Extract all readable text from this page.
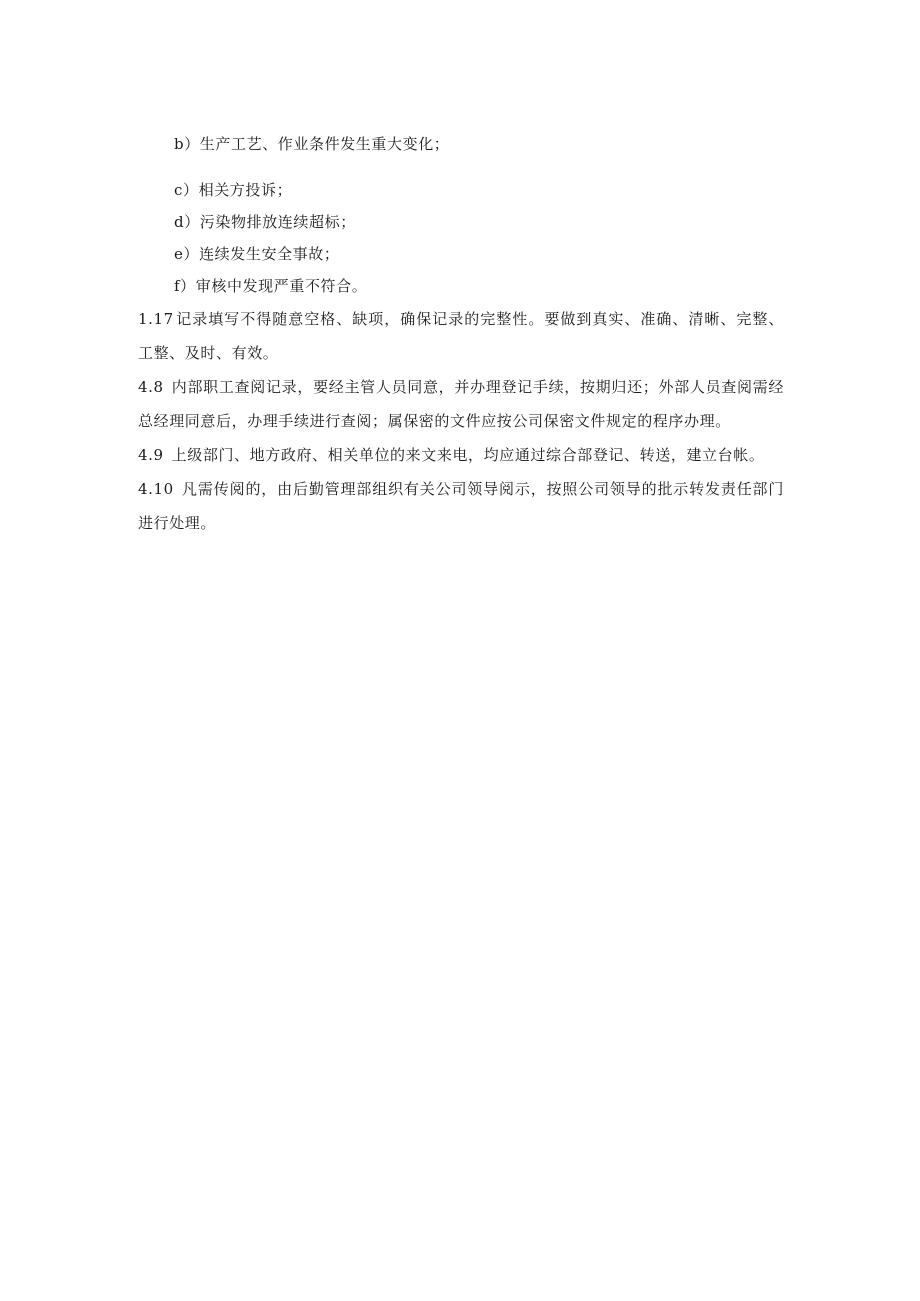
b）生产工艺、作业条件发生重大变化；
c）相关方投诉；
d）污染物排放连续超标；
e）连续发生安全事故；
f）审核中发现严重不符合。

1.17 记录填写不得随意空格、缺项，确保记录的完整性。要做到真实、准确、清晰、完整、工整、及时、有效。

4.8 内部职工查阅记录，要经主管人员同意，并办理登记手续，按期归还；外部人员查阅需经总经理同意后，办理手续进行查阅；属保密的文件应按公司保密文件规定的程序办理。

4.9 上级部门、地方政府、相关单位的来文来电，均应通过综合部登记、转送，建立台帐。

4.10 凡需传阅的，由后勤管理部组织有关公司领导阅示，按照公司领导的批示转发责任部门进行处理。
